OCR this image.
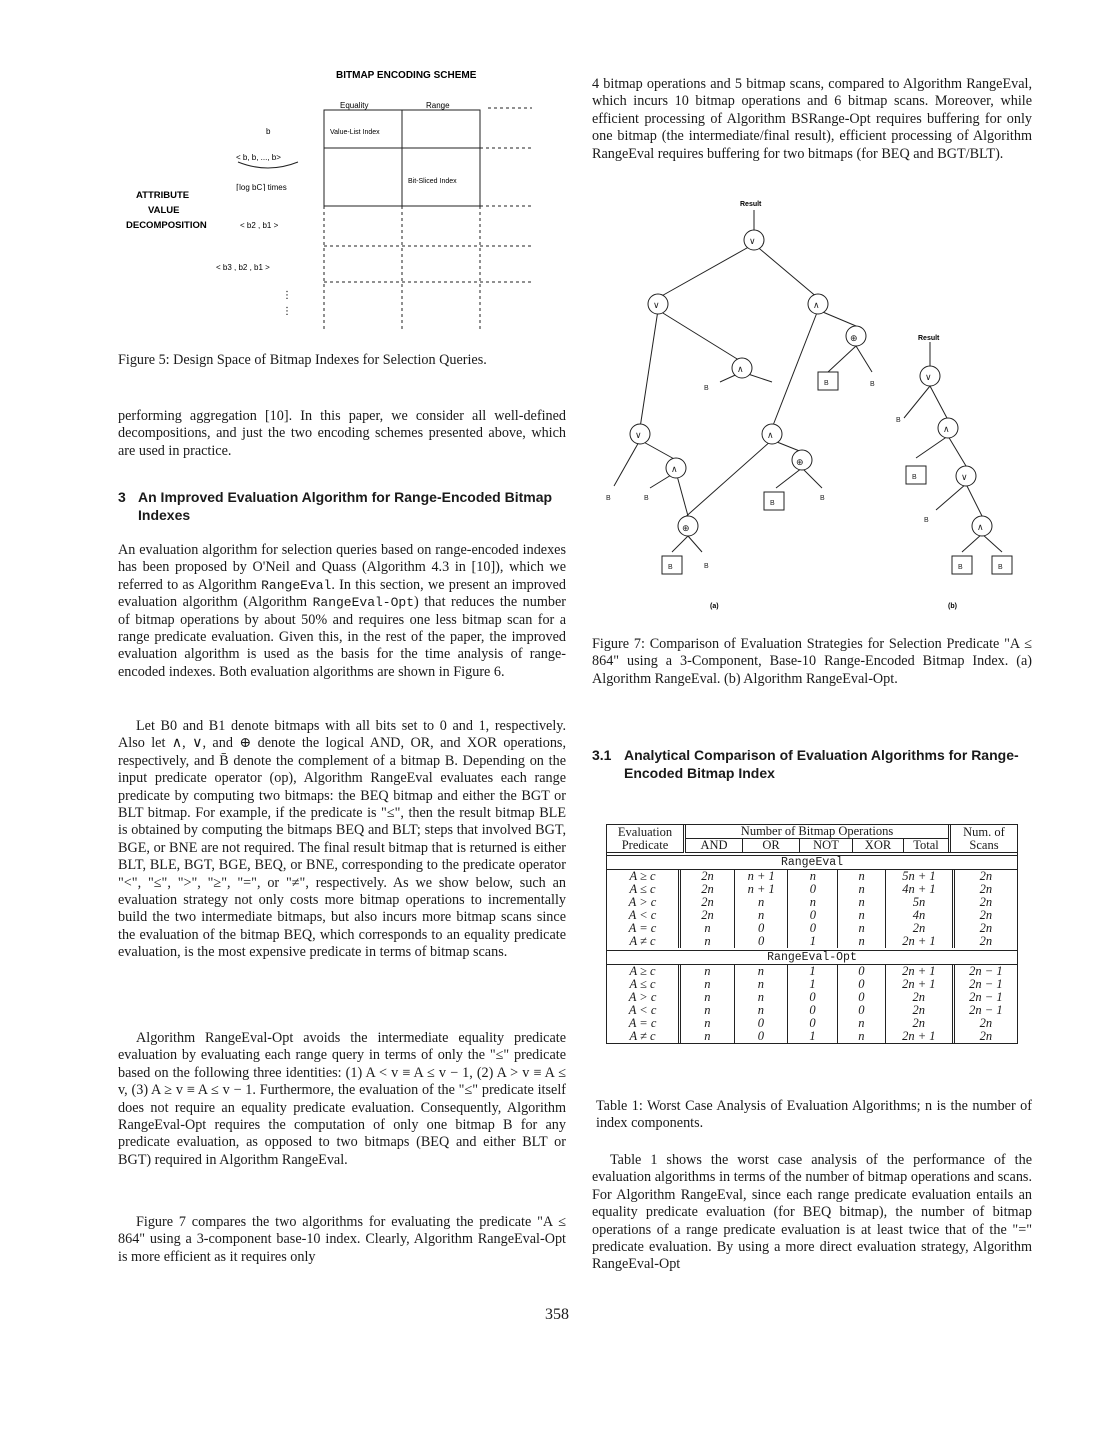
BITMAP ENCODING SCHEME
Equality	Range
Value-List Index
Bit-Sliced Index
b
< b, b, ..., b>
⌈log bC⌉ times
ATTRIBUTE
VALUE
DECOMPOSITION	< b2 , b1 >
< b3 , b2 , b1 >
⋮
⋮

Figure 5: Design Space of Bitmap Indexes for Selection Queries.

performing aggregation [10]. In this paper, we consider all well-defined decompositions, and just the two encoding schemes presented above, which are used in practice.

3 An Improved Evaluation Algorithm for Range-Encoded Bitmap Indexes

An evaluation algorithm for selection queries based on range-encoded indexes has been proposed by O'Neil and Quass (Algorithm 4.3 in [10]), which we referred to as Algorithm RangeEval. In this section, we present an improved evaluation algorithm (Algorithm RangeEval-Opt) that reduces the number of bitmap operations by about 50% and requires one less bitmap scan for a range predicate evaluation. Given this, in the rest of the paper, the improved evaluation algorithm is used as the basis for the time analysis of range-encoded indexes. Both evaluation algorithms are shown in Figure 6.

Let B0 and B1 denote bitmaps with all bits set to 0 and 1, respectively. Also let ∧, ∨, and ⊕ denote the logical AND, OR, and XOR operations, respectively, and B̄ denote the complement of a bitmap B. Depending on the input predicate operator (op), Algorithm RangeEval evaluates each range predicate by computing two bitmaps: the BEQ bitmap and either the BGT or BLT bitmap. For example, if the predicate is "≤", then the result bitmap BLE is obtained by computing the bitmaps BEQ and BLT; steps that involved BGT, BGE, or BNE are not required. The final result bitmap that is returned is either BLT, BLE, BGT, BGE, BEQ, or BNE, corresponding to the predicate operator "<", "≤", ">", "≥", "=", or "≠", respectively. As we show below, such an evaluation strategy not only costs more bitmap operations to incrementally build the two intermediate bitmaps, but also incurs more bitmap scans since the evaluation of the bitmap BEQ, which corresponds to an equality predicate evaluation, is the most expensive predicate in terms of bitmap scans.

Algorithm RangeEval-Opt avoids the intermediate equality predicate evaluation by evaluating each range query in terms of only the "≤" predicate based on the following three identities: (1) A < v ≡ A ≤ v − 1, (2) A > v ≡ A ≤ v, (3) A ≥ v ≡ A ≤ v − 1. Furthermore, the evaluation of the "≤" predicate itself does not require an equality predicate evaluation. Consequently, Algorithm RangeEval-Opt requires the computation of only one bitmap B for any predicate evaluation, as opposed to two bitmaps (BEQ and either BLT or BGT) required in Algorithm RangeEval.

Figure 7 compares the two algorithms for evaluating the predicate "A ≤ 864" using a 3-component base-10 index. Clearly, Algorithm RangeEval-Opt is more efficient as it requires only

4 bitmap operations and 5 bitmap scans, compared to Algorithm RangeEval, which incurs 10 bitmap operations and 6 bitmap scans. Moreover, while efficient processing of Algorithm BSRange-Opt requires buffering for only one bitmap (the intermediate/final result), efficient processing of Algorithm RangeEval requires buffering for two bitmaps (for BEQ and BGT/BLT).

∨
∨	∧
⊕
∧
∨	∧
⊕
∧
⊕
∨
∧
∨
∧
B
B
B	B	B
B
B
B
B
B
B
B
B	B
Result
Result
(a)	(b)

Figure 7: Comparison of Evaluation Strategies for Selection Predicate "A ≤ 864" using a 3-Component, Base-10 Range-Encoded Bitmap Index. (a) Algorithm RangeEval. (b) Algorithm RangeEval-Opt.

3.1 Analytical Comparison of Evaluation Algorithms for Range-Encoded Bitmap Index
Evaluation
Predicate

Number of Bitmap Operations
AND	OR	NOT	XOR	Total

Num. of
Scans
RangeEval
A ≥ c	2n	n + 1	n	n	5n + 1	2n
A ≤ c	2n	n + 1	0	n	4n + 1	2n
A > c	2n	n	n	n	5n	2n
A < c	2n	n	0	n	4n	2n
A = c	n	0	0	n	2n	2n
A ≠ c	n	0	1	n	2n + 1	2n
RangeEval-Opt
A ≥ c	n	n	1	0	2n + 1	2n − 1
A ≤ c	n	n	1	0	2n + 1	2n − 1
A > c	n	n	0	0	2n	2n − 1
A < c	n	n	0	0	2n	2n − 1
A = c	n	0	0	n	2n	2n
A ≠ c	n	0	1	n	2n + 1	2n

Table 1: Worst Case Analysis of Evaluation Algorithms; n is the number of index components.

Table 1 shows the worst case analysis of the performance of the evaluation algorithms in terms of the number of bitmap operations and scans. For Algorithm RangeEval, since each range predicate evaluation entails an equality predicate evaluation (for BEQ bitmap), the number of bitmap operations of a range predicate evaluation is at least twice that of the "=" predicate evaluation. By using a more direct evaluation strategy, Algorithm RangeEval-Opt

358
